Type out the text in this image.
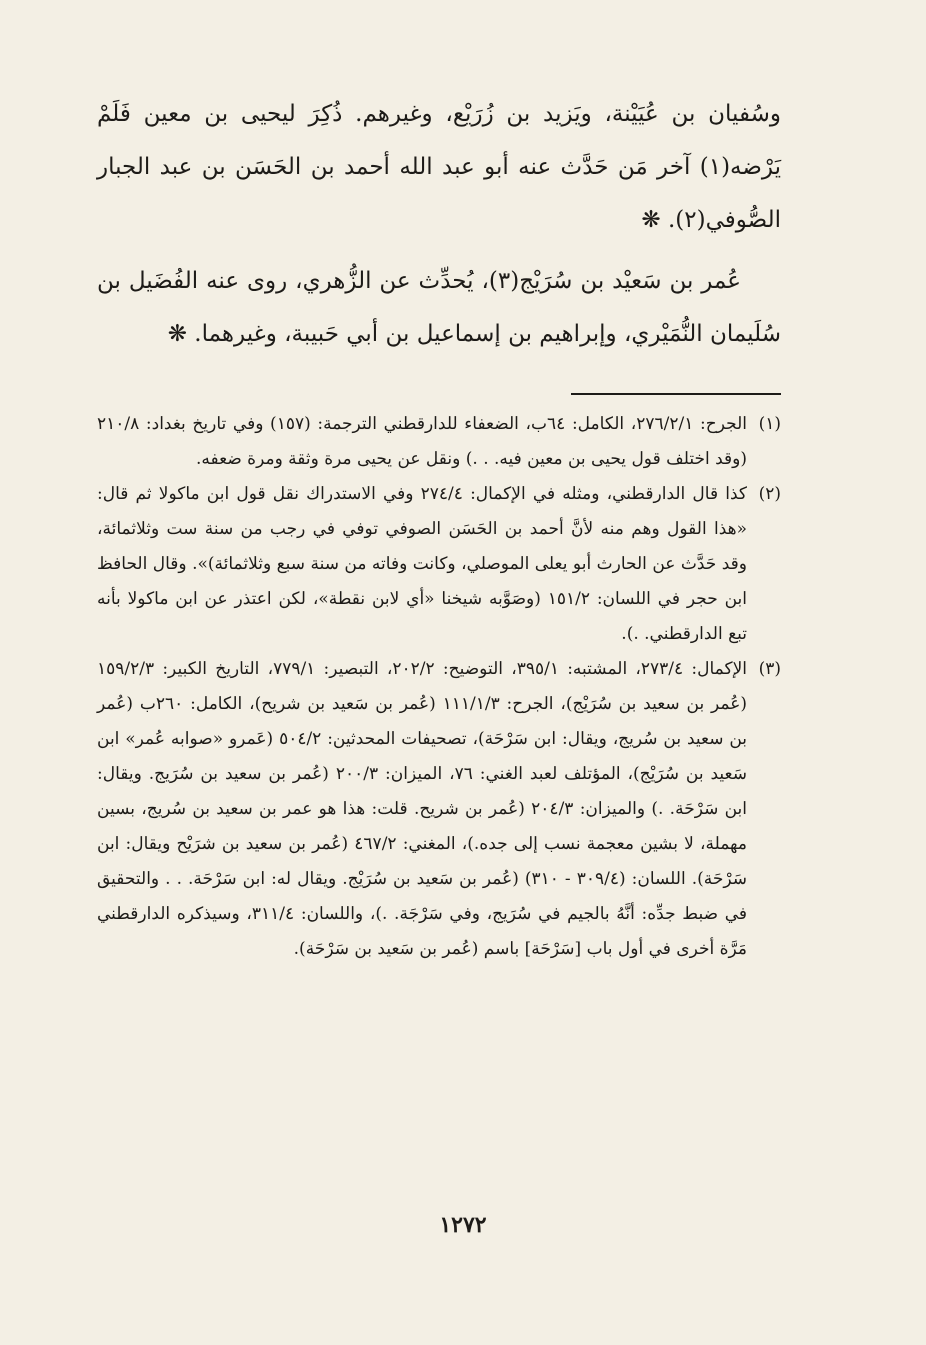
وسُفيان بن عُيَيْنة، ويَزيد بن زُرَيْع، وغيرهم. ذُكِرَ ليحيى بن معين فَلَمْ يَرْضه(١) آخر مَن حَدَّث عنه أبو عبد الله أحمد بن الحَسَن بن عبد الجبار الصُّوفي(٢). ❋

عُمر بن سَعيْد بن سُرَيْج(٣)، يُحدِّث عن الزُّهري، روى عنه الفُضَيل بن سُلَيمان النُّمَيْري، وإبراهيم بن إسماعيل بن أبي حَبيبة، وغيرهما. ❋

(١)
الجرح: ٢٧٦/٢/١، الكامل: ٦٤ب، الضعفاء للدارقطني الترجمة: (١٥٧) وفي تاريخ بغداد: ٢١٠/٨ (وقد اختلف قول يحيى بن معين فيه. . .) ونقل عن يحيى مرة وثقة ومرة ضعفه.
(٢)
كذا قال الدارقطني، ومثله في الإكمال: ٢٧٤/٤ وفي الاستدراك نقل قول ابن ماكولا ثم قال: «هذا القول وهم منه لأنَّ أحمد بن الحَسَن الصوفي توفي في رجب من سنة ست وثلاثمائة، وقد حَدَّث عن الحارث أبو يعلى الموصلي، وكانت وفاته من سنة سبع وثلاثمائة)». وقال الحافظ ابن حجر في اللسان: ١٥١/٢ (وصَوَّبه شيخنا «أي لابن نقطة»، لكن اعتذر عن ابن ماكولا بأنه تبع الدارقطني. .).
(٣)
الإكمال: ٢٧٣/٤، المشتبه: ٣٩٥/١، التوضيح: ٢٠٢/٢، التبصير: ٧٧٩/١، التاريخ الكبير: ١٥٩/٢/٣ (عُمر بن سعيد بن سُرَيْج)، الجرح: ١١١/١/٣ (عُمر بن سَعيد بن شريح)، الكامل: ٢٦٠ب (عُمر بن سعيد بن سُريج، ويقال: ابن سَرْحَة)، تصحيفات المحدثين: ٥٠٤/٢ (عَمرو «صوابه عُمر» ابن سَعيد بن سُرَيْج)، المؤتلف لعبد الغني: ٧٦، الميزان: ٢٠٠/٣ (عُمر بن سعيد بن سُرَيج. ويقال: ابن سَرْحَة. .) والميزان: ٢٠٤/٣ (عُمر بن شريح. قلت: هذا هو عمر بن سعيد بن سُريج، بسين مهملة، لا بشين معجمة نسب إلى جده.)، المغني: ٤٦٧/٢ (عُمر بن سعيد بن شرَيْح ويقال: ابن سَرْحَة). اللسان: (٣٠٩/٤ - ٣١٠) (عُمر بن سَعيد بن سُرَيْج. ويقال له: ابن سَرْحَة. . . والتحقيق في ضبط جدِّه: أنَّهُ بالجيم في سُرَيج، وفي سَرْجَة. .)، واللسان: ٣١١/٤، وسيذكره الدارقطني مَرَّة أخرى في أول باب [سَرْحَة] باسم (عُمر بن سَعيد بن سَرْحَة).
١٢٧٢
